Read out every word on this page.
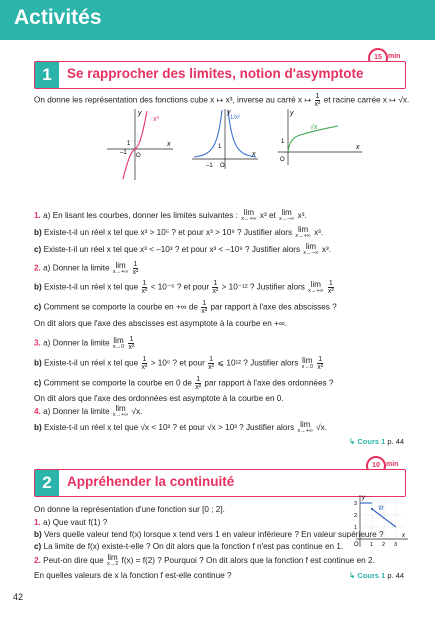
Activités
15 min
1	Se rapprocher des limites, notion d'asymptote
On donne les représentation des fonctions cube x ↦ x³, inverse au carré x ↦ $\frac{1}{\text{x²}}$ et racine carrée x ↦ √x.
x³
y
x
1
–1 O
1/x²
y
x
1
–1 O
√x
y
x
1
O
1. a) En lisant les courbes, donner les limites suivantes : lim
x→+∞ x³ et lim
x→–∞ x³.
b) Existe-t-il un réel x tel que x³ > 10⁵ ? et pour x³ > 10⁹ ? Justifier alors lim
x→+∞ x³.
c) Existe-t-il un réel x tel que x³ < –10³ ? et pour x³ < –10⁹ ? Justifier alors lim
x→–∞ x³.
2. a) Donner la limite lim
x→+∞
$\frac{1}{\text{x²}}$
b) Existe-t-il un réel x tel que $\frac{1}{\text{x²}} < 10^{-6}$ ? et pour $\frac{1}{\text{x²}} > 10^{-12}$ ? Justifier alors lim
x→+∞
$\frac{1}{\text{x²}}$
c) Comment se comporte la courbe en +∞ de $\frac{1}{\text{x²}}$ par rapport à l'axe des abscisses ?
On dit alors que l'axe des abscisses est asymptote à la courbe en +∞.
3. a) Donner la limite lim
x→0
$\frac{1}{\text{x²}}$
b) Existe-t-il un réel x tel que $\frac{1}{\text{x²}} > 10^6$ ? et pour $\frac{1}{\text{x²}}$ ⩽ 10¹² ? Justifier alors lim
x→0
$\frac{1}{\text{x²}}$
c) Comment se comporte la courbe en 0 de $\frac{1}{\text{x²}}$ par rapport à l'axe des ordonnées ?
On dit alors que l'axe des ordonnées est asymptote à la courbe en 0.
4. a) Donner la limite lim
x→+∞ √x.
b) Existe-t-il un réel x tel que √x < 10² ? et pour √x > 10³ ? Justifier alors lim
x→+∞ √x.
↳ Cours 1 p. 44
10 min
2	Appréhender la continuité
On donne la représentation d'une fonction sur [0 ; 2].
1. a) Que vaut f(1) ?
b) Vers quelle valeur tend f(x) lorsque x tend vers 1 en valeur inférieure ? En valeur supérieure ?
c) La limite de f(x) existe-t-elle ? On dit alors que la fonction f n'est pas continue en 1.
2. Peut-on dire que lim
x→2 f(x) = f(2) ? Pourquoi ? On dit alors que la fonction f est continue en 2.
En quelles valeurs de x la fonction f est-elle continue ?
𝒞f
y
x
O 1 2 3
1
2
3
↳ Cours 1 p. 44
42
